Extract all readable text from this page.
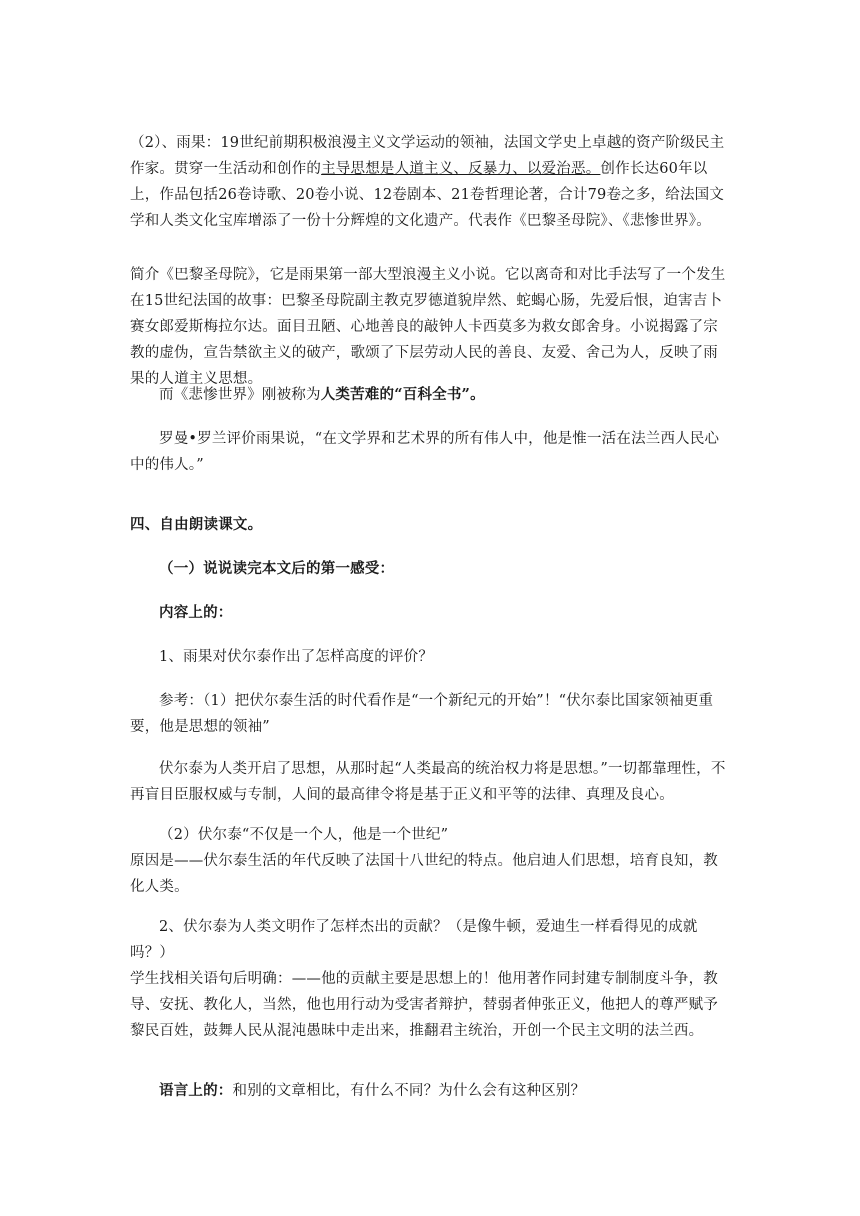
（2）、雨果：19世纪前期积极浪漫主义文学运动的领袖，法国文学史上卓越的资产阶级民主作家。贯穿一生活动和创作的主导思想是人道主义、反暴力、以爱治恶。创作长达60年以上，作品包括26卷诗歌、20卷小说、12卷剧本、21卷哲理论著，合计79卷之多，给法国文学和人类文化宝库增添了一份十分辉煌的文化遗产。代表作《巴黎圣母院》、《悲惨世界》。

简介《巴黎圣母院》，它是雨果第一部大型浪漫主义小说。它以离奇和对比手法写了一个发生在15世纪法国的故事：巴黎圣母院副主教克罗德道貌岸然、蛇蝎心肠，先爱后恨，迫害吉卜赛女郎爱斯梅拉尔达。面目丑陋、心地善良的敲钟人卡西莫多为救女郎舍身。小说揭露了宗教的虚伪，宣告禁欲主义的破产，歌颂了下层劳动人民的善良、友爱、舍己为人，反映了雨果的人道主义思想。

而《悲惨世界》刚被称为人类苦难的“百科全书”。

罗曼•罗兰评价雨果说，“在文学界和艺术界的所有伟人中，他是惟一活在法兰西人民心中的伟人。”

四、自由朗读课文。

（一）说说读完本文后的第一感受：

内容上的：

1、雨果对伏尔泰作出了怎样高度的评价？

参考：（1）把伏尔泰生活的时代看作是“一个新纪元的开始”！“伏尔泰比国家领袖更重要，他是思想的领袖”

伏尔泰为人类开启了思想，从那时起“人类最高的统治权力将是思想。”一切都靠理性，不再盲目臣服权威与专制，人间的最高律令将是基于正义和平等的法律、真理及良心。

（2）伏尔泰“不仅是一个人，他是一个世纪”

原因是——伏尔泰生活的年代反映了法国十八世纪的特点。他启迪人们思想，培育良知，教化人类。

2、伏尔泰为人类文明作了怎样杰出的贡献？（是像牛顿，爱迪生一样看得见的成就吗？）

学生找相关语句后明确：——他的贡献主要是思想上的！他用著作同封建专制制度斗争，教导、安抚、教化人，当然，他也用行动为受害者辩护，替弱者伸张正义，他把人的尊严赋予黎民百姓，鼓舞人民从混沌愚昧中走出来，推翻君主统治，开创一个民主文明的法兰西。

语言上的：和别的文章相比，有什么不同？为什么会有这种区别？
